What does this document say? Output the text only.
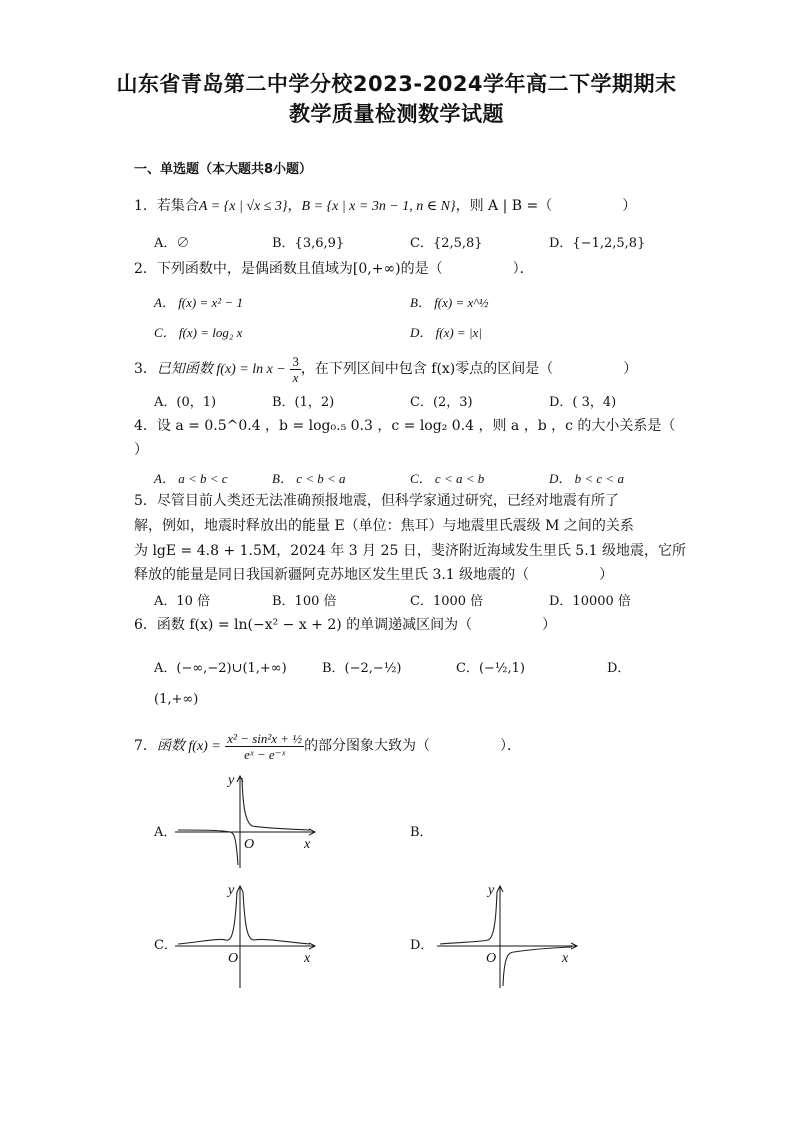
山东省青岛第二中学分校2023-2024学年高二下学期期末
教学质量检测数学试题
一、单选题（本大题共8小题）
1．若集合A = {x | √x ≤ 3}，B = {x | x = 3n − 1, n ∈ N}，则 A | B =（　　　　　）
A．∅	B．{3,6,9}	C．{2,5,8}	D．{−1,2,5,8}
2．下列函数中，是偶函数且值域为[0,+∞)的是（　　　　　）．
A． f(x) = x² − 1	B． f(x) = x^½
C． f(x) = log₂ x	D． f(x) = |x|
3．已知函数 $f(x) = \ln x - \frac{3}{x}$ ，在下列区间中包含 f(x)零点的区间是（　　　　　）
A．(0，1)	B．(1，2)	C．(2，3)	D．( 3，4)
4．设 a = 0.5^0.4 ，b = log₀.₅ 0.3 ，c = log₂ 0.4 ，则 a ，b ，c 的大小关系是（
）
A． a < b < c	B． c < b < a	C． c < a < b	D． b < c < a
5．尽管目前人类还无法准确预报地震，但科学家通过研究，已经对地震有所了
解，例如，地震时释放出的能量 E（单位：焦耳）与地震里氏震级 M 之间的关系
为 lgE = 4.8 + 1.5M，2024 年 3 月 25 日，斐济附近海域发生里氏 5.1 级地震，它所
释放的能量是同日我国新疆阿克苏地区发生里氏 3.1 级地震的（　　　　　）
A．10 倍	B．100 倍	C．1000 倍	D．10000 倍
6．函数 f(x) = ln(−x² − x + 2) 的单调递减区间为（　　　　　）
A．(−∞,−2)∪(1,+∞)	B．(−2,−½)	C．(−½,1)	D．
(1,+∞)
7．函数 $f(x) = \frac{\text{x² − sin²x + ½}}{\text{eˣ − e⁻ˣ}}$ 的部分图象大致为（　　　　　）．
A．	B．
C．	D．
y
O	x
y
O	x
y
O	x
